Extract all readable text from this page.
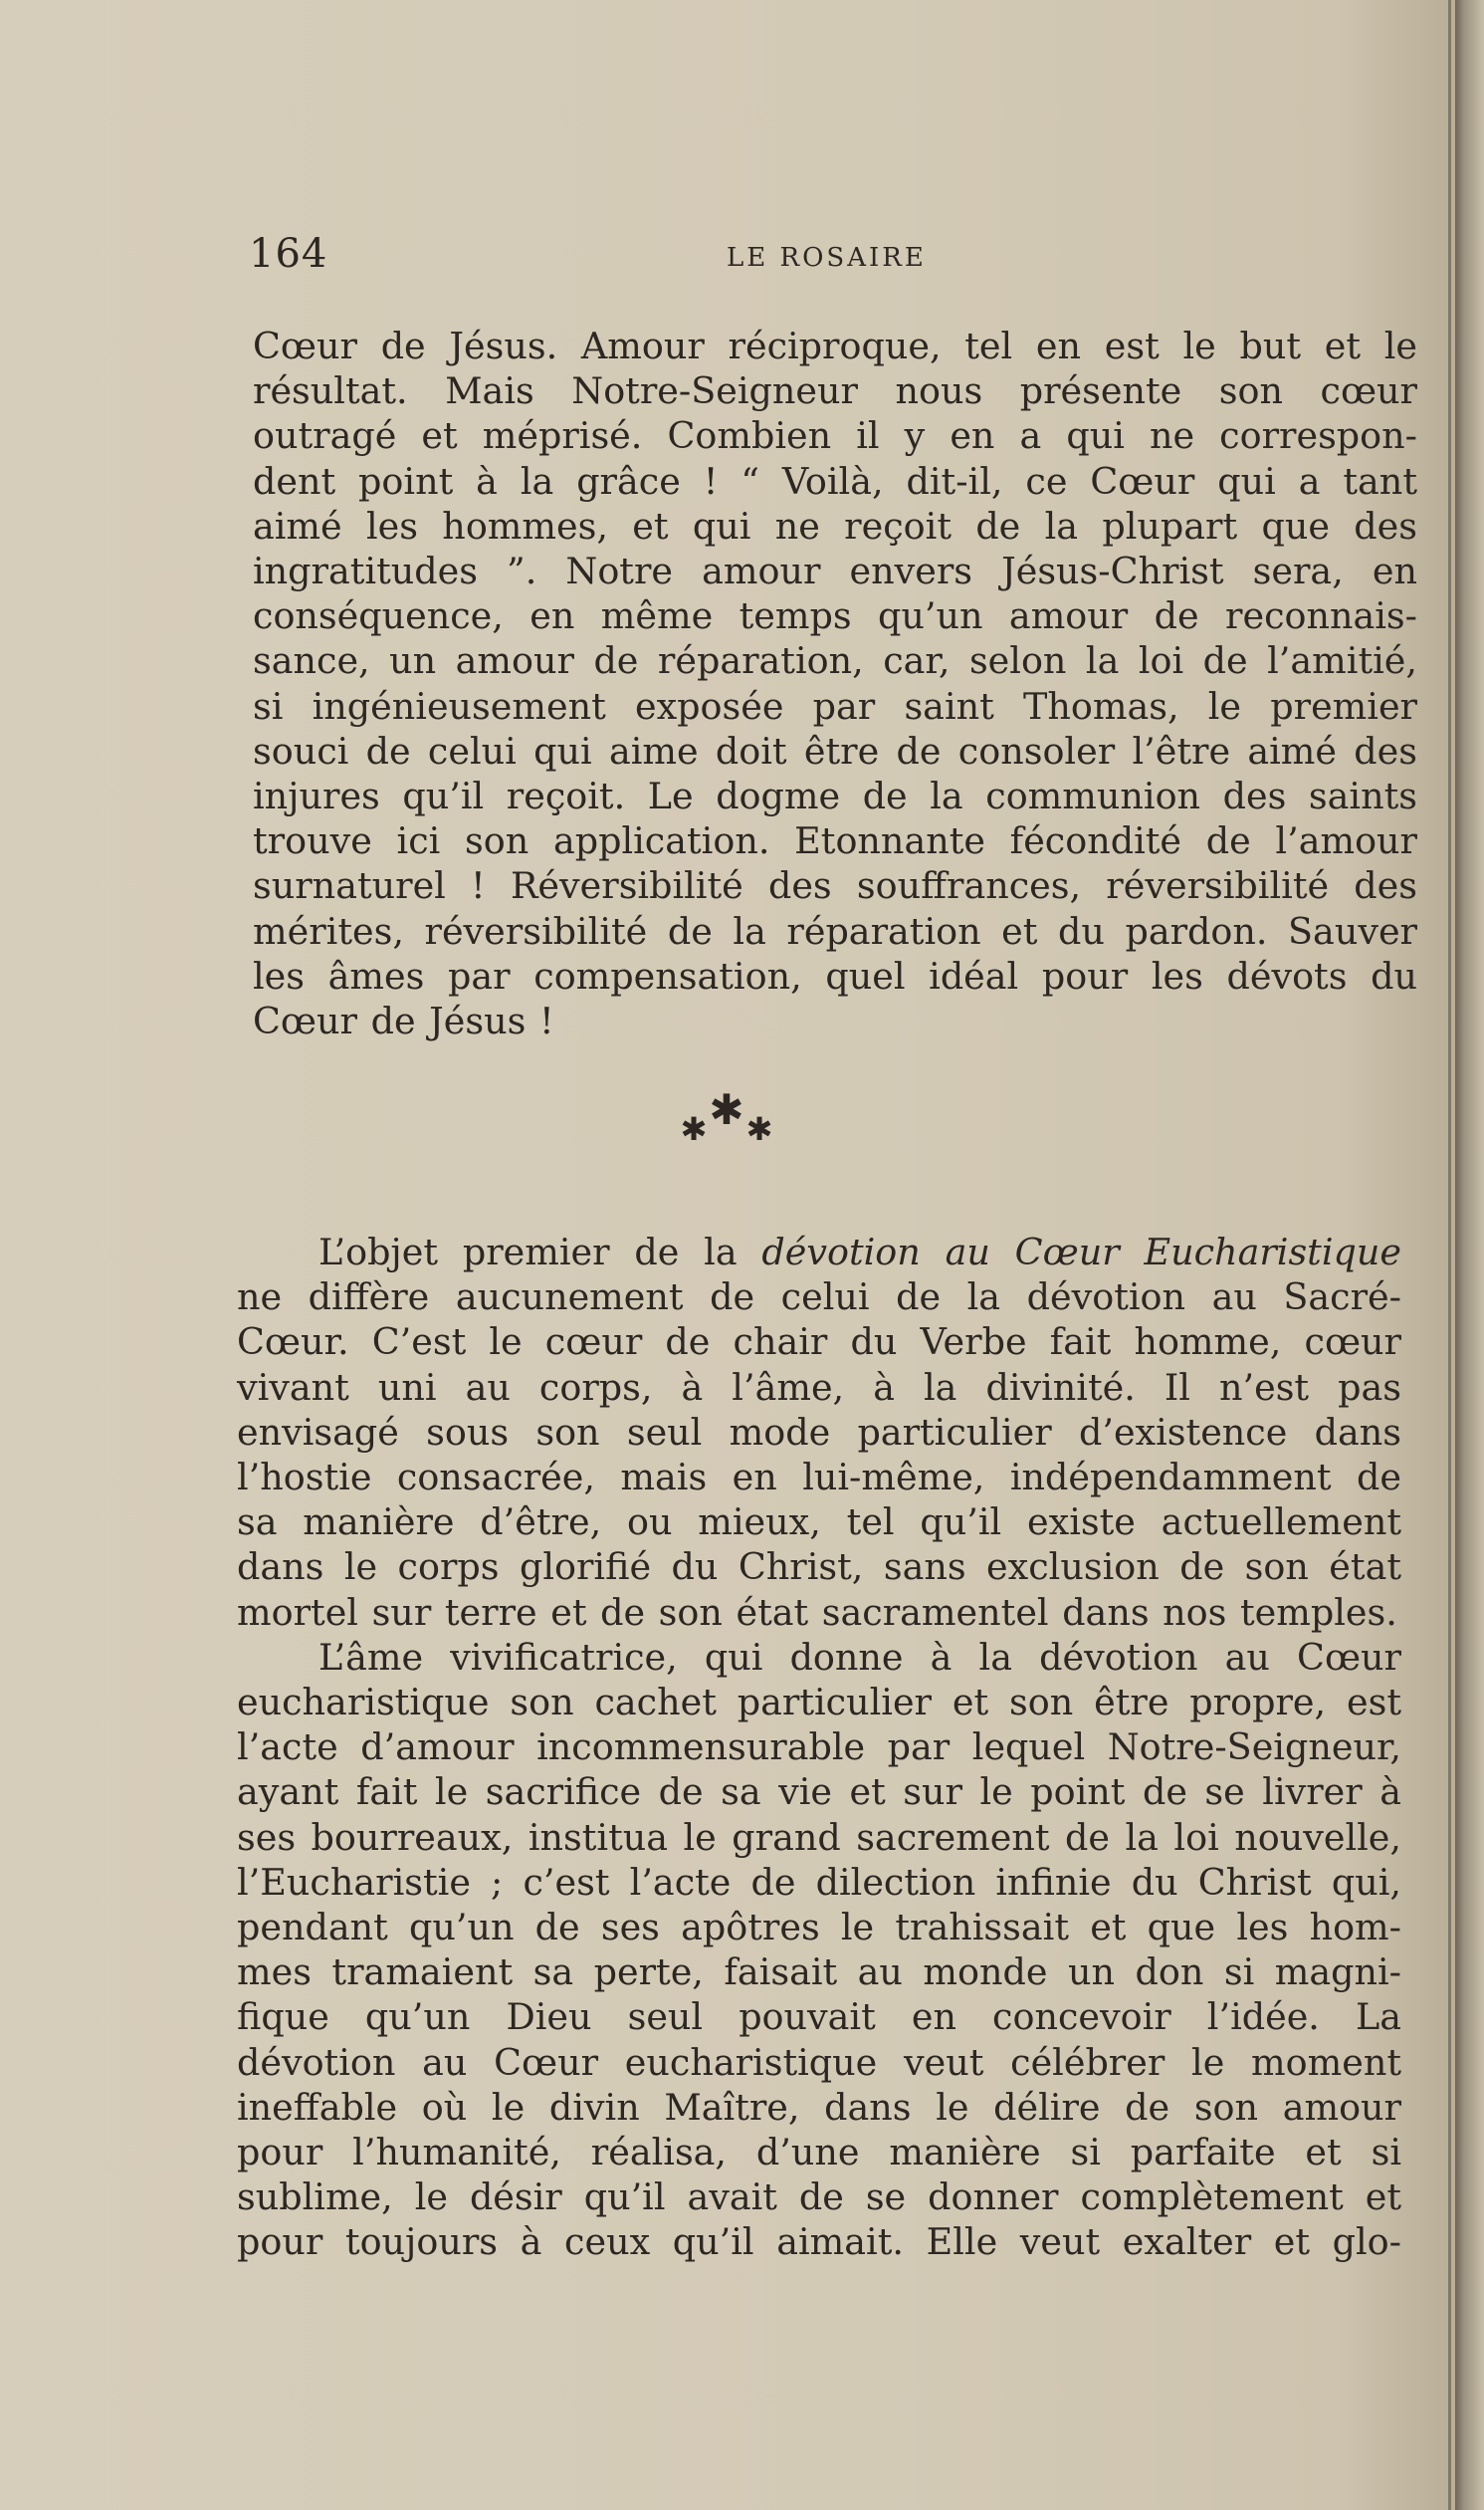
164	LE ROSAIRE
Cœur de Jésus. Amour réciproque, tel en est le but et le
résultat. Mais Notre-Seigneur nous présente son cœur
outragé et méprisé. Combien il y en a qui ne correspon-
dent point à la grâce ! “ Voilà, dit-il, ce Cœur qui a tant
aimé les hommes, et qui ne reçoit de la plupart que des
ingratitudes ”. Notre amour envers Jésus-Christ sera, en
conséquence, en même temps qu’un amour de reconnais-
sance, un amour de réparation, car, selon la loi de l’amitié,
si ingénieusement exposée par saint Thomas, le premier
souci de celui qui aime doit être de consoler l’être aimé des
injures qu’il reçoit. Le dogme de la communion des saints
trouve ici son application. Etonnante fécondité de l’amour
surnaturel ! Réversibilité des souffrances, réversibilité des
mérites, réversibilité de la réparation et du pardon. Sauver
les âmes par compensation, quel idéal pour les dévots du
Cœur de Jésus !
✱✱✱
L’objet premier de la dévotion au Cœur Eucharistique
ne diffère aucunement de celui de la dévotion au Sacré-
Cœur. C’est le cœur de chair du Verbe fait homme, cœur
vivant uni au corps, à l’âme, à la divinité. Il n’est pas
envisagé sous son seul mode particulier d’existence dans
l’hostie consacrée, mais en lui-même, indépendamment de
sa manière d’être, ou mieux, tel qu’il existe actuellement
dans le corps glorifié du Christ, sans exclusion de son état
mortel sur terre et de son état sacramentel dans nos temples.
L’âme vivificatrice, qui donne à la dévotion au Cœur
eucharistique son cachet particulier et son être propre, est
l’acte d’amour incommensurable par lequel Notre-Seigneur,
ayant fait le sacrifice de sa vie et sur le point de se livrer à
ses bourreaux, institua le grand sacrement de la loi nouvelle,
l’Eucharistie ; c’est l’acte de dilection infinie du Christ qui,
pendant qu’un de ses apôtres le trahissait et que les hom-
mes tramaient sa perte, faisait au monde un don si magni-
fique qu’un Dieu seul pouvait en concevoir l’idée. La
dévotion au Cœur eucharistique veut célébrer le moment
ineffable où le divin Maître, dans le délire de son amour
pour l’humanité, réalisa, d’une manière si parfaite et si
sublime, le désir qu’il avait de se donner complètement et
pour toujours à ceux qu’il aimait. Elle veut exalter et glo-
